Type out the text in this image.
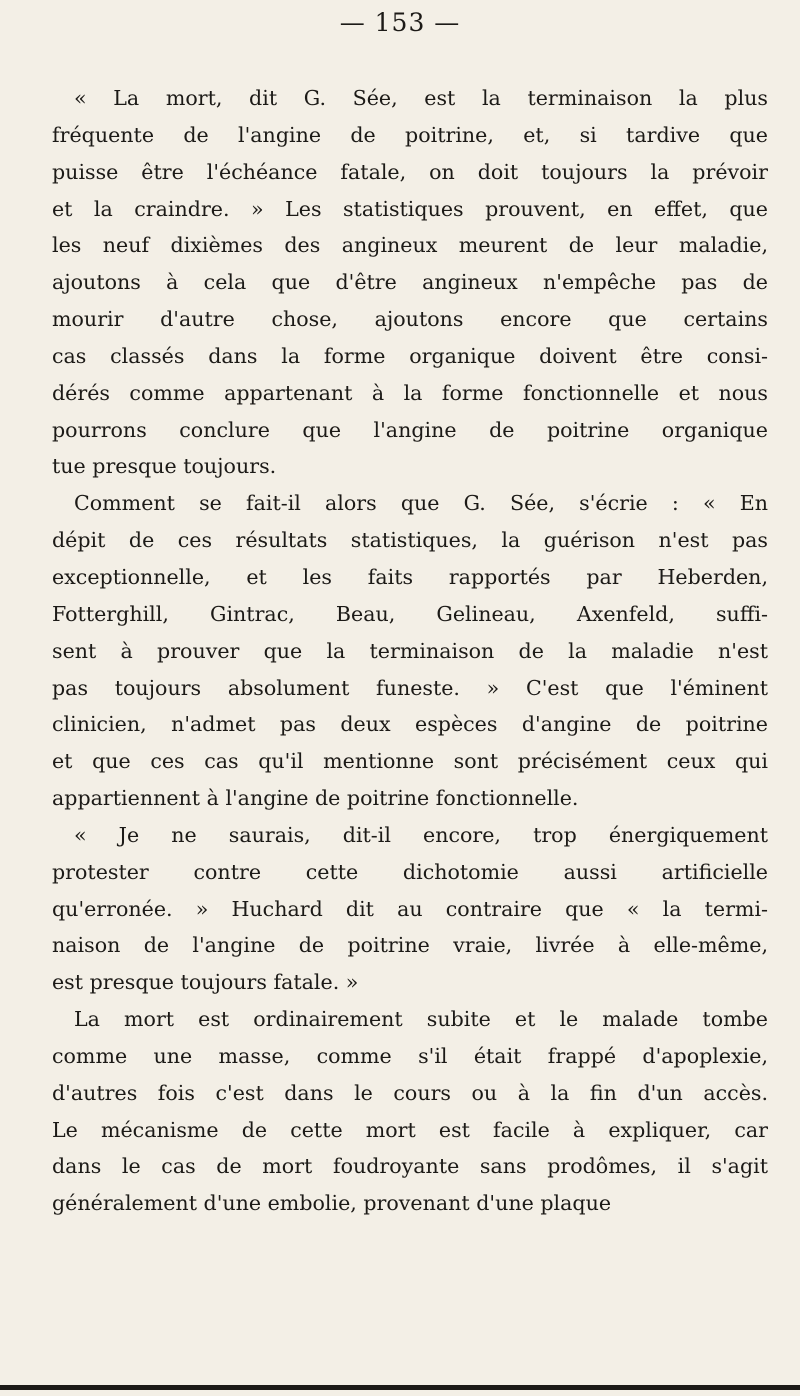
— 153 —
« La mort, dit G. Sée, est la terminaison la plus
fréquente de l'angine de poitrine, et, si tardive que
puisse être l'échéance fatale, on doit toujours la prévoir
et la craindre. » Les statistiques prouvent, en effet, que
les neuf dixièmes des angineux meurent de leur maladie,
ajoutons à cela que d'être angineux n'empêche pas de
mourir d'autre chose, ajoutons encore que certains
cas classés dans la forme organique doivent être consi-
dérés comme appartenant à la forme fonctionnelle et nous
pourrons conclure que l'angine de poitrine organique
tue presque toujours.
Comment se fait-il alors que G. Sée, s'écrie : « En
dépit de ces résultats statistiques, la guérison n'est pas
exceptionnelle, et les faits rapportés par Heberden,
Fotterghill, Gintrac, Beau, Gelineau, Axenfeld, suffi-
sent à prouver que la terminaison de la maladie n'est
pas toujours absolument funeste. » C'est que l'éminent
clinicien, n'admet pas deux espèces d'angine de poitrine
et que ces cas qu'il mentionne sont précisément ceux qui
appartiennent à l'angine de poitrine fonctionnelle.
« Je ne saurais, dit-il encore, trop énergiquement
protester contre cette dichotomie aussi artificielle
qu'erronée. » Huchard dit au contraire que « la termi-
naison de l'angine de poitrine vraie, livrée à elle-même,
est presque toujours fatale. »
La mort est ordinairement subite et le malade tombe
comme une masse, comme s'il était frappé d'apoplexie,
d'autres fois c'est dans le cours ou à la fin d'un accès.
Le mécanisme de cette mort est facile à expliquer, car
dans le cas de mort foudroyante sans prodômes, il s'agit
généralement d'une embolie, provenant d'une plaque
